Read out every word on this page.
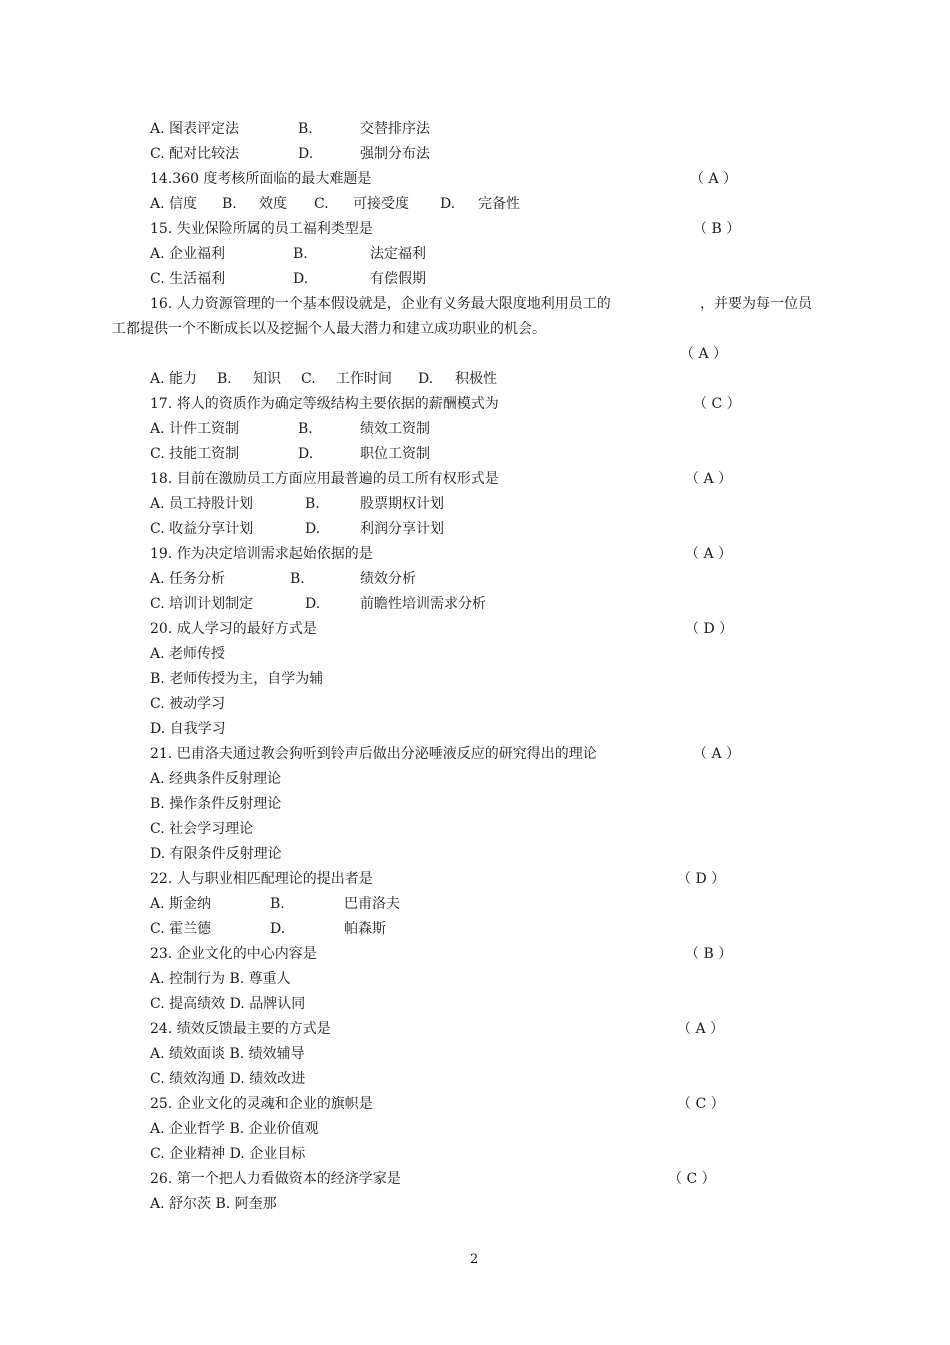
2
A. 图表评定法	B.	交替排序法
C. 配对比较法	D.	强制分布法
14.360 度考核所面临的最大难题是	（ A ）
A. 信度 B. 效度 C. 可接受度 D. 完备性
15. 失业保险所属的员工福利类型是	（ B ）
A. 企业福利	B.	法定福利
C. 生活福利	D.	有偿假期
16. 人力资源管理的一个基本假设就是，企业有义务最大限度地利用员工的	，并要为每一位员
工都提供一个不断成长以及挖掘个人最大潜力和建立成功职业的机会。
（ A ）
A. 能力 B. 知识 C. 工作时间 D. 积极性
17. 将人的资质作为确定等级结构主要依据的薪酬模式为	（ C ）
A. 计件工资制	B.	绩效工资制
C. 技能工资制	D.	职位工资制
18. 目前在激励员工方面应用最普遍的员工所有权形式是	（ A ）
A. 员工持股计划	B.	股票期权计划
C. 收益分享计划	D.	利润分享计划
19. 作为决定培训需求起始依据的是	（ A ）
A. 任务分析	B.	绩效分析
C. 培训计划制定	D.	前瞻性培训需求分析
20. 成人学习的最好方式是	（ D ）
A. 老师传授
B. 老师传授为主，自学为辅
C. 被动学习
D. 自我学习
21. 巴甫洛夫通过教会狗听到铃声后做出分泌唾液反应的研究得出的理论	（ A ）
A. 经典条件反射理论
B. 操作条件反射理论
C. 社会学习理论
D. 有限条件反射理论
22. 人与职业相匹配理论的提出者是	（ D ）
A. 斯金纳	B.	巴甫洛夫
C. 霍兰德	D.	帕森斯
23. 企业文化的中心内容是	（ B ）
A. 控制行为 B. 尊重人
C. 提高绩效 D. 品牌认同
24. 绩效反馈最主要的方式是	（ A ）
A. 绩效面谈 B. 绩效辅导
C. 绩效沟通 D. 绩效改进
25. 企业文化的灵魂和企业的旗帜是	（ C ）
A. 企业哲学 B. 企业价值观
C. 企业精神 D. 企业目标
26. 第一个把人力看做资本的经济学家是	（ C ）
A. 舒尔茨 B. 阿奎那
